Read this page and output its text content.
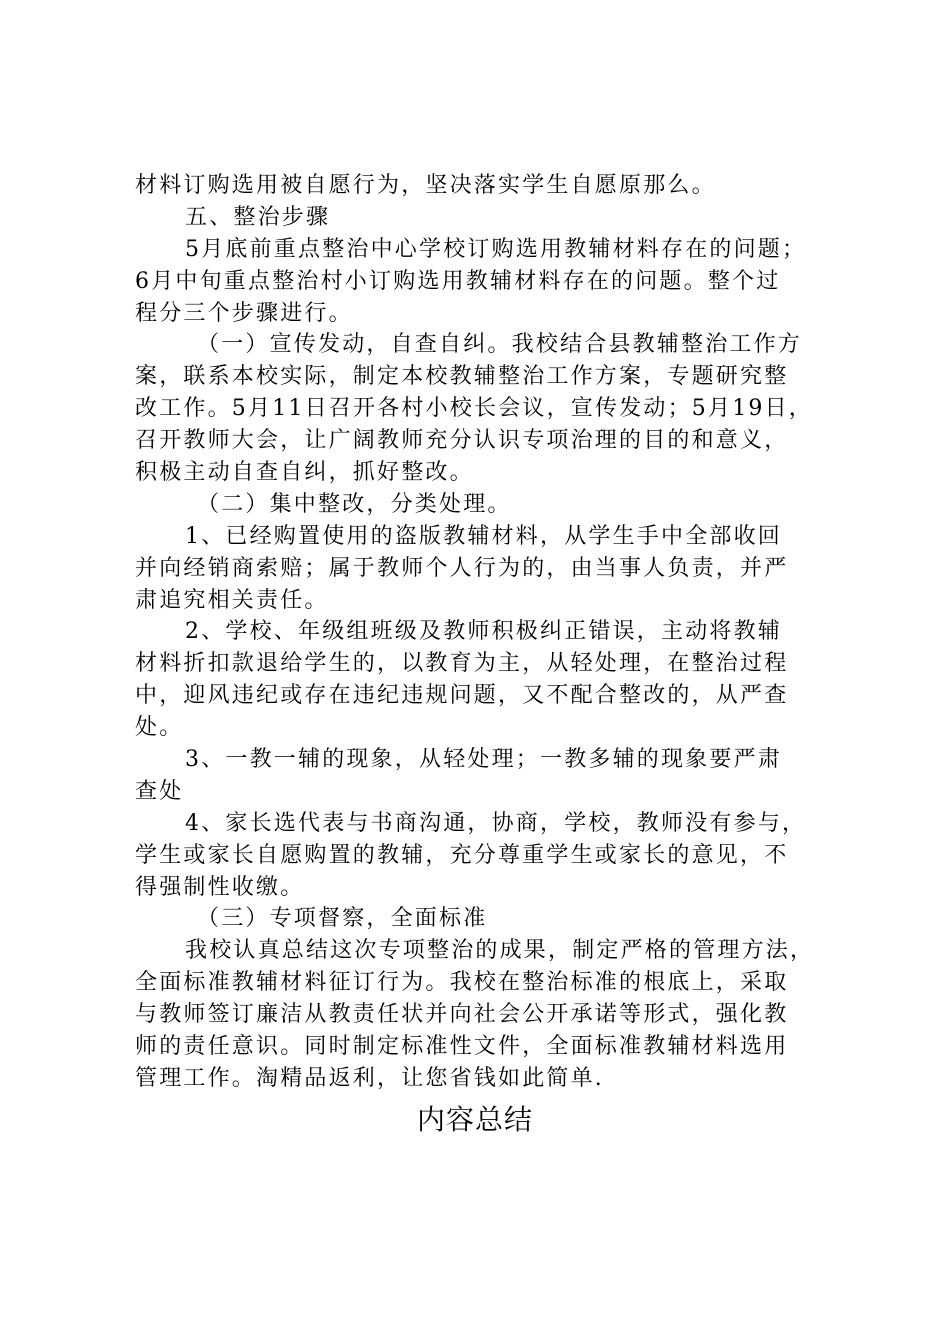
材料订购选用被自愿行为，坚决落实学生自愿原那么。
五、整治步骤
5月底前重点整治中心学校订购选用教辅材料存在的问题；
6月中旬重点整治村小订购选用教辅材料存在的问题。整个过
程分三个步骤进行。
（一）宣传发动，自查自纠。我校结合县教辅整治工作方
案，联系本校实际，制定本校教辅整治工作方案，专题研究整
改工作。5月11日召开各村小校长会议，宣传发动；5月19日，
召开教师大会，让广阔教师充分认识专项治理的目的和意义，
积极主动自查自纠，抓好整改。
（二）集中整改，分类处理。
1、已经购置使用的盗版教辅材料，从学生手中全部收回
并向经销商索赔；属于教师个人行为的，由当事人负责，并严
肃追究相关责任。
2、学校、年级组班级及教师积极纠正错误，主动将教辅
材料折扣款退给学生的，以教育为主，从轻处理，在整治过程
中，迎风违纪或存在违纪违规问题，又不配合整改的，从严查
处。
3、一教一辅的现象，从轻处理；一教多辅的现象要严肃
查处
4、家长选代表与书商沟通，协商，学校，教师没有参与，
学生或家长自愿购置的教辅，充分尊重学生或家长的意见，不
得强制性收缴。
（三）专项督察，全面标准
我校认真总结这次专项整治的成果，制定严格的管理方法，
全面标准教辅材料征订行为。我校在整治标准的根底上，采取
与教师签订廉洁从教责任状并向社会公开承诺等形式，强化教
师的责任意识。同时制定标准性文件，全面标准教辅材料选用
管理工作。淘精品返利，让您省钱如此简单.
内容总结
